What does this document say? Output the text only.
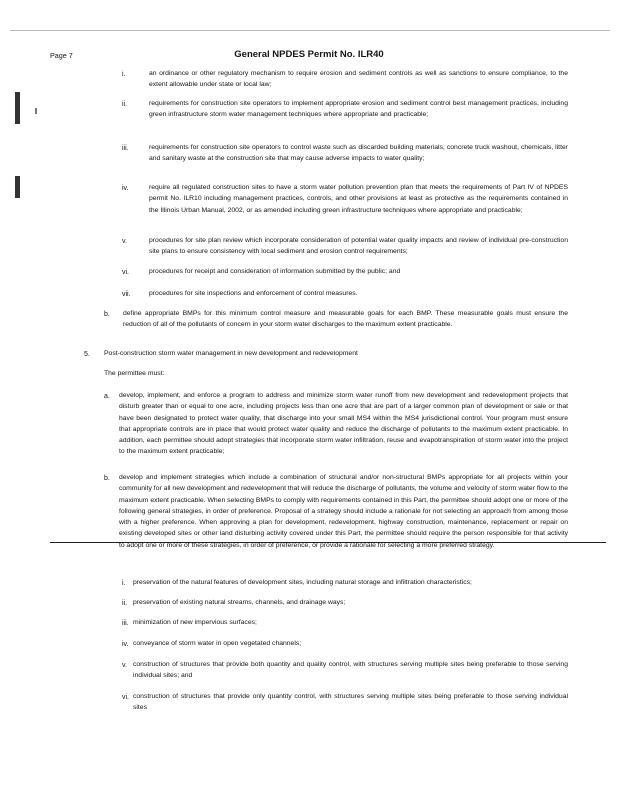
Page 7	General NPDES Permit No. ILR40
i.	an ordinance or other regulatory mechanism to require erosion and sediment controls as well as sanctions to ensure compliance, to the extent allowable under state or local law;
ii.	requirements for construction site operators to implement appropriate erosion and sediment control best management practices, including green infrastructure storm water management techniques where appropriate and practicable;
iii.	requirements for construction site operators to control waste such as discarded building materials, concrete truck washout, chemicals, litter and sanitary waste at the construction site that may cause adverse impacts to water quality;
iv.	require all regulated construction sites to have a storm water pollution prevention plan that meets the requirements of Part IV of NPDES permit No. ILR10 including management practices, controls, and other provisions at least as protective as the requirements contained in the Illinois Urban Manual, 2002, or as amended including green infrastructure techniques where appropriate and practicable;
v.	procedures for site plan review which incorporate consideration of potential water quality impacts and review of individual pre-construction site plans to ensure consistency with local sediment and erosion control requirements;
vi.	procedures for receipt and consideration of information submitted by the public; and
vii.	procedures for site inspections and enforcement of control measures.
b. define appropriate BMPs for this minimum control measure and measurable goals for each BMP. These measurable goals must ensure the reduction of all of the pollutants of concern in your storm water discharges to the maximum extent practicable.
5. Post-construction storm water management in new development and redevelopment
The permittee must:
a. develop, implement, and enforce a program to address and minimize storm water runoff from new development and redevelopment projects that disturb greater than or equal to one acre, including projects less than one acre that are part of a larger common plan of development or sale or that have been designated to protect water quality, that discharge into your small MS4 within the MS4 jurisdictional control. Your program must ensure that appropriate controls are in place that would protect water quality and reduce the discharge of pollutants to the maximum extent practicable. In addition, each permittee should adopt strategies that incorporate storm water infiltration, reuse and evapotranspiration of storm water into the project to the maximum extent practicable;
b. develop and implement strategies which include a combination of structural and/or non-structural BMPs appropriate for all projects within your community for all new development and redevelopment that will reduce the discharge of pollutants, the volume and velocity of storm water flow to the maximum extent practicable. When selecting BMPs to comply with requirements contained in this Part, the permittee should adopt one or more of the following general strategies, in order of preference. Proposal of a strategy should include a rationale for not selecting an approach from among those with a higher preference. When approving a plan for development, redevelopment, highway construction, maintenance, replacement or repair on existing developed sites or other land disturbing activity covered under this Part, the permittee should require the person responsible for that activity to adopt one or more of these strategies, in order of preference, or provide a rationale for selecting a more preferred strategy.
i. preservation of the natural features of development sites, including natural storage and infiltration characteristics;
ii. preservation of existing natural streams, channels, and drainage ways;
iii. minimization of new impervious surfaces;
iv. conveyance of storm water in open vegetated channels;
v. construction of structures that provide both quantity and quality control, with structures serving multiple sites being preferable to those serving individual sites; and
vi. construction of structures that provide only quantity control, with structures serving multiple sites being preferable to those serving individual sites
